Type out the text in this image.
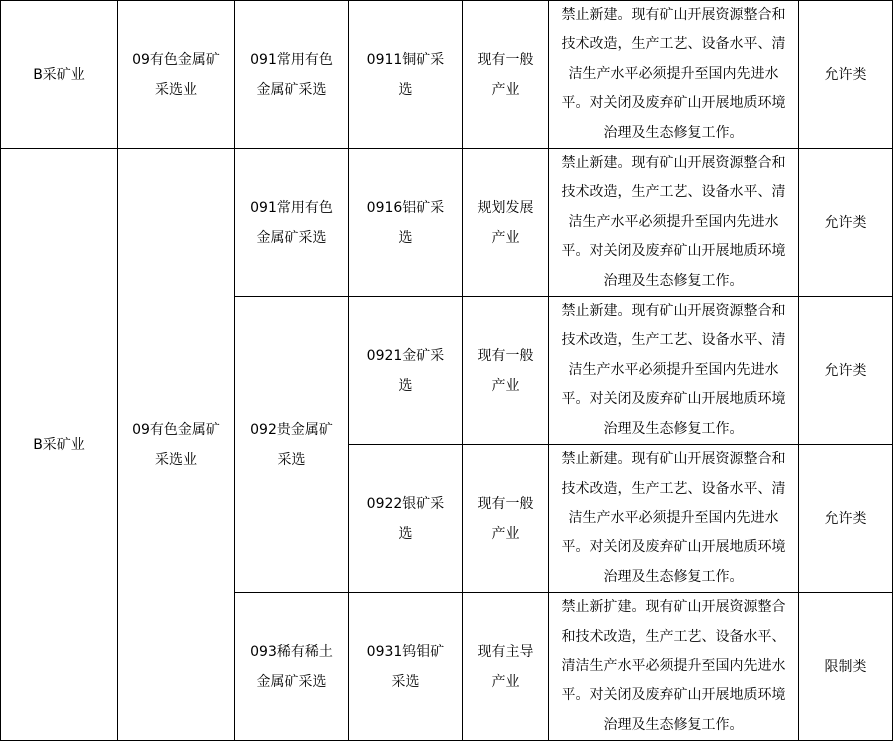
B采矿业	09有色金属矿采选业	091常用有色金属矿采选	0911铜矿采选	现有一般产业	禁止新建。现有矿山开展资源整合和技术改造，生产工艺、设备水平、清洁生产水平必须提升至国内先进水平。对关闭及废弃矿山开展地质环境治理及生态修复工作。	允许类
B采矿业	09有色金属矿采选业	091常用有色金属矿采选	0916铝矿采选	规划发展产业	禁止新建。现有矿山开展资源整合和技术改造，生产工艺、设备水平、清洁生产水平必须提升至国内先进水平。对关闭及废弃矿山开展地质环境治理及生态修复工作。	允许类
		092贵金属矿采选	0921金矿采选	现有一般产业	禁止新建。现有矿山开展资源整合和技术改造，生产工艺、设备水平、清洁生产水平必须提升至国内先进水平。对关闭及废弃矿山开展地质环境治理及生态修复工作。	允许类
			0922银矿采选	现有一般产业	禁止新建。现有矿山开展资源整合和技术改造，生产工艺、设备水平、清洁生产水平必须提升至国内先进水平。对关闭及废弃矿山开展地质环境治理及生态修复工作。	允许类
		093稀有稀土金属矿采选	0931钨钼矿采选	现有主导产业	禁止新扩建。现有矿山开展资源整合和技术改造，生产工艺、设备水平、清洁生产水平必须提升至国内先进水平。对关闭及废弃矿山开展地质环境治理及生态修复工作。	限制类
